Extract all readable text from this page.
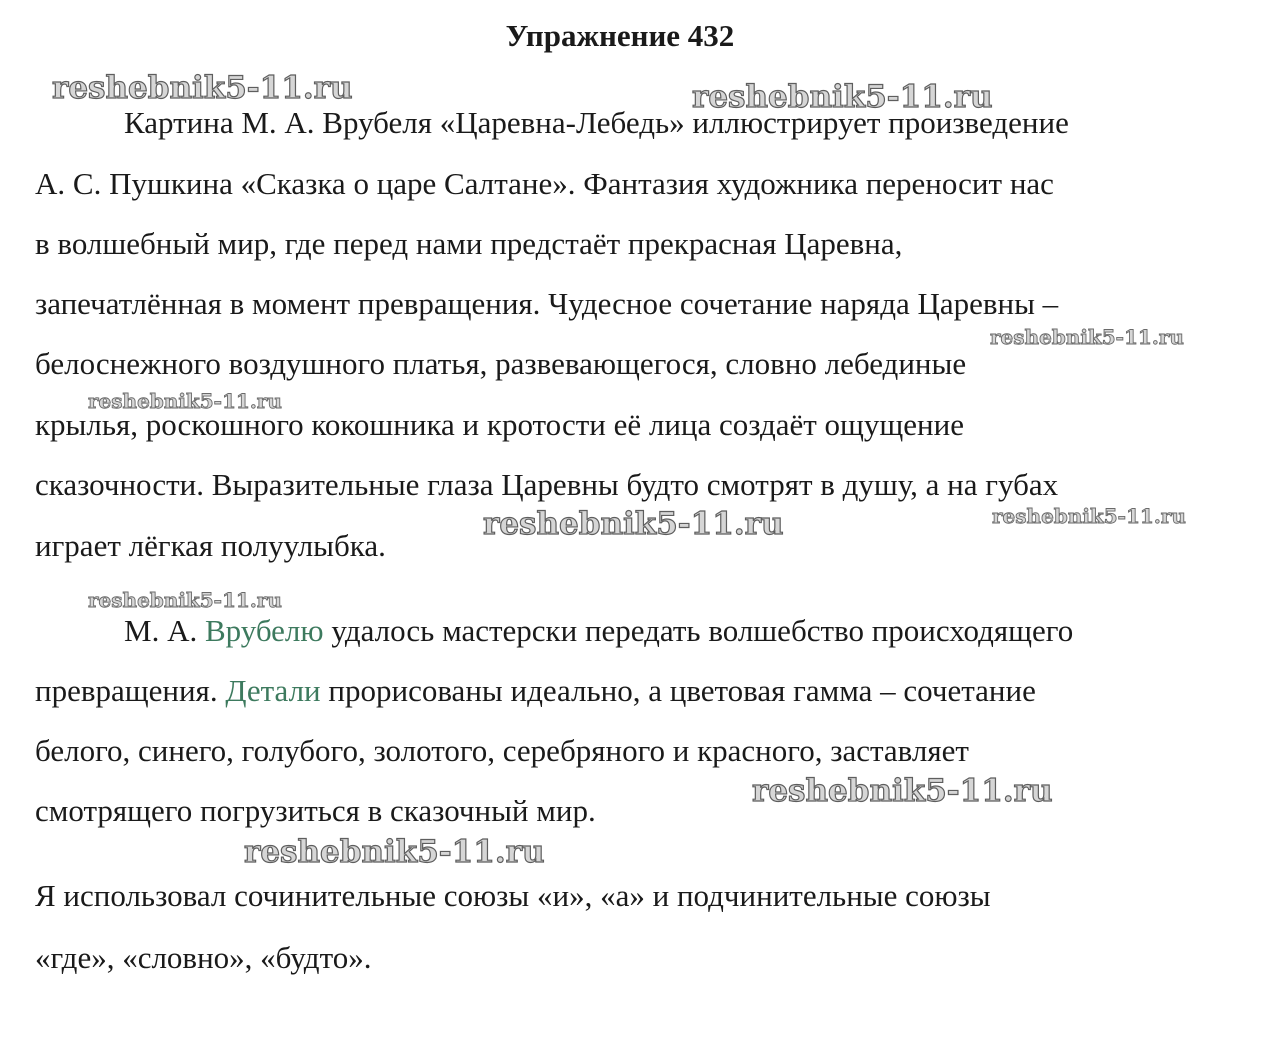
Упражнение 432

Картина М. А. Врубеля «Царевна-Лебедь» иллюстрирует произведение

А. С. Пушкина «Сказка о царе Салтане». Фантазия художника переносит нас

в волшебный мир, где перед нами предстаёт прекрасная Царевна,

запечатлённая в момент превращения. Чудесное сочетание наряда Царевны –

белоснежного воздушного платья, развевающегося, словно лебединые

крылья, роскошного кокошника и кротости её лица создаёт ощущение

сказочности. Выразительные глаза Царевны будто смотрят в душу, а на губах

играет лёгкая полуулыбка.

М. А. Врубелю удалось мастерски передать волшебство происходящего

превращения. Детали прорисованы идеально, а цветовая гамма – сочетание

белого, синего, голубого, золотого, серебряного и красного, заставляет

смотрящего погрузиться в сказочный мир.

Я использовал сочинительные союзы «и», «а» и подчинительные союзы

«где», «словно», «будто».

reshebnik5-11.ru	reshebnik5-11.ru
reshebnik5-11.ru
reshebnik5-11.ru
reshebnik5-11.ru	reshebnik5-11.ru
reshebnik5-11.ru
reshebnik5-11.ru
reshebnik5-11.ru
